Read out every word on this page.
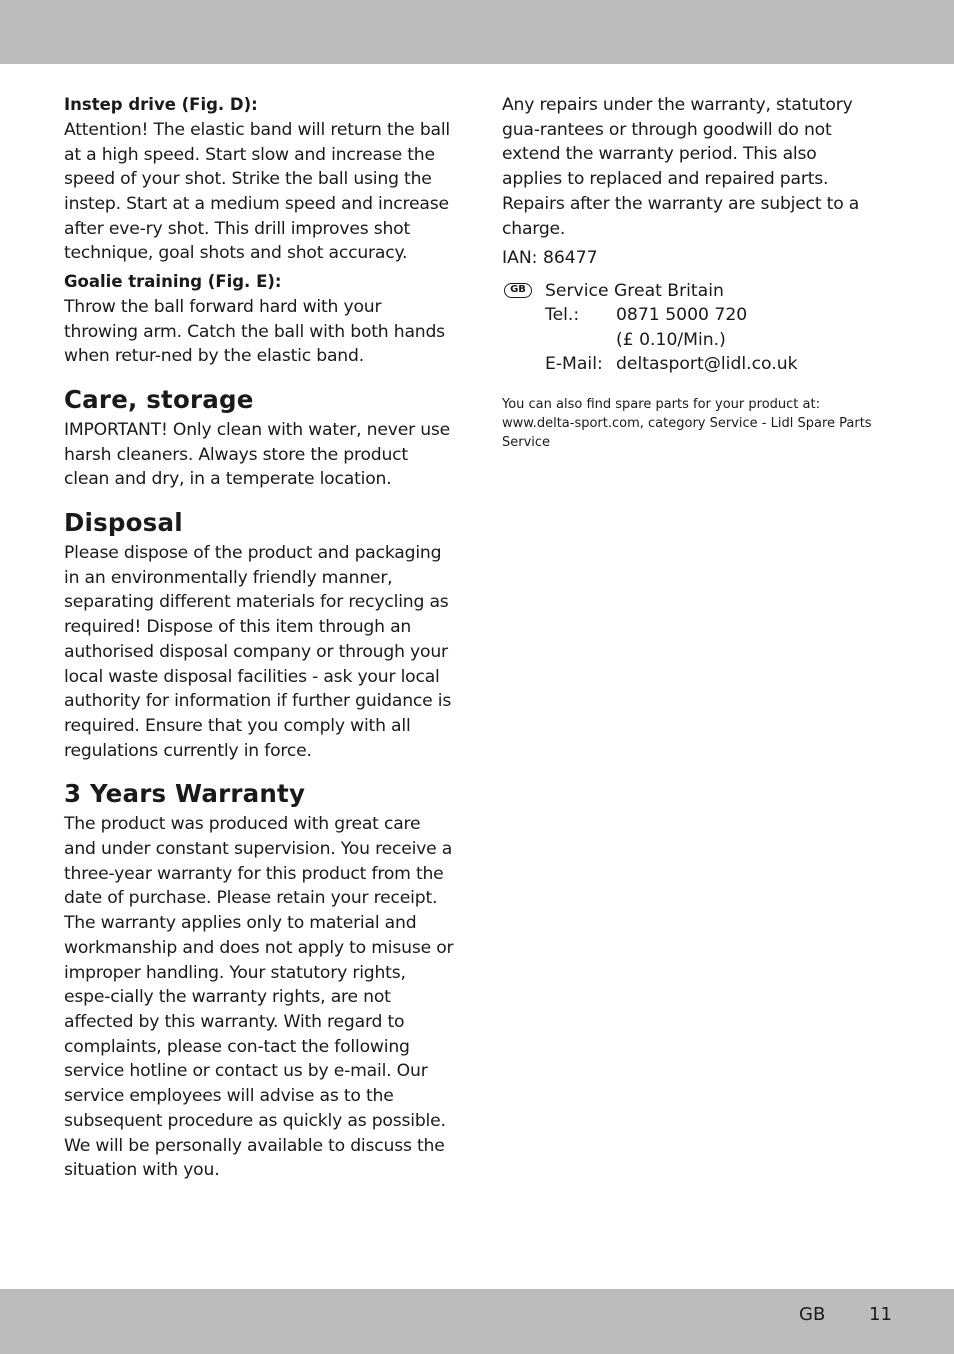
Instep drive (Fig. D):

Attention! The elastic band will return the ball at a high speed. Start slow and increase the speed of your shot. Strike the ball using the instep. Start at a medium speed and increase after eve-ry shot. This drill improves shot technique, goal shots and shot accuracy.

Goalie training (Fig. E):

Throw the ball forward hard with your throwing arm. Catch the ball with both hands when retur-ned by the elastic band.

Care, storage

IMPORTANT! Only clean with water, never use harsh cleaners. Always store the product clean and dry, in a temperate location.

Disposal

Please dispose of the product and packaging in an environmentally friendly manner, separating different materials for recycling as required! Dispose of this item through an authorised disposal company or through your local waste disposal facilities - ask your local authority for information if further guidance is required. Ensure that you comply with all regulations currently in force.

3 Years Warranty

The product was produced with great care and under constant supervision. You receive a three-year warranty for this product from the date of purchase. Please retain your receipt.

The warranty applies only to material and workmanship and does not apply to misuse or improper handling. Your statutory rights, espe-cially the warranty rights, are not affected by this warranty. With regard to complaints, please con-tact the following service hotline or contact us by e-mail. Our service employees will advise as to the subsequent procedure as quickly as possible. We will be personally available to discuss the situation with you.

Any repairs under the warranty, statutory gua-rantees or through goodwill do not extend the warranty period. This also applies to replaced and repaired parts. Repairs after the warranty are subject to a charge.

IAN: 86477

GB	Service Great Britain
Tel.: 0871 5000 720
(£ 0.10/Min.)
E-Mail: deltasport@lidl.co.uk

You can also find spare parts for your product at: www.delta-sport.com, category Service - Lidl Spare Parts Service

GB 11
